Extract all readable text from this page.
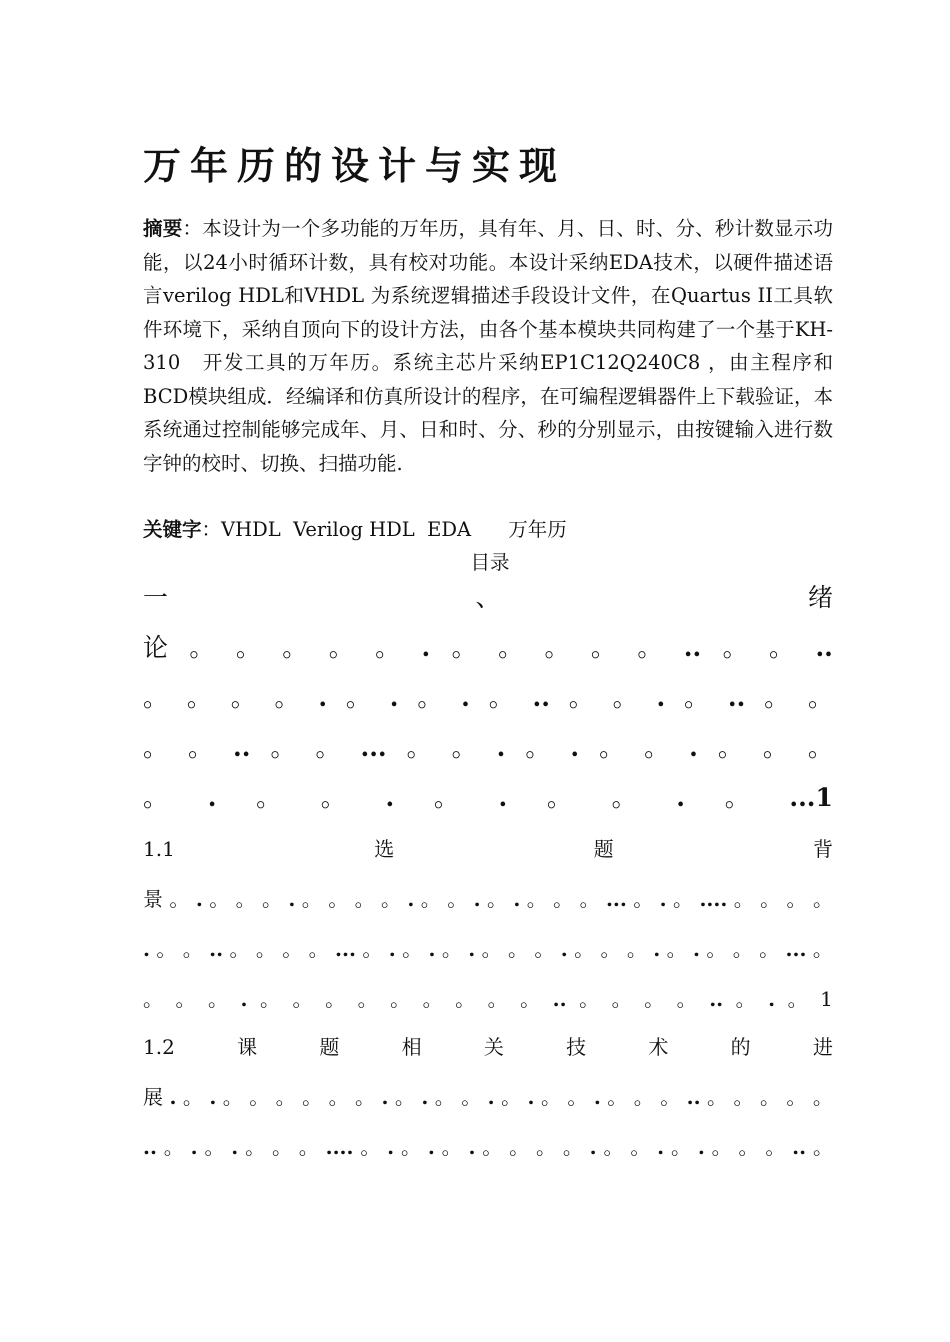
万年历的设计与实现

摘要：本设计为一个多功能的万年历，具有年、月、日、时、分、秒计数显示功能，以24小时循环计数，具有校对功能。本设计采纳EDA技术，以硬件描述语言verilog HDL和VHDL 为系统逻辑描述手段设计文件，在Quartus II工具软件环境下，采纳自顶向下的设计方法，由各个基本模块共同构建了一个基于KH-310　开发工具的万年历。系统主芯片采纳EP1C12Q240C8 ，由主程序和BCD模块组成．经编译和仿真所设计的程序，在可编程逻辑器件上下载验证，本系统通过控制能够完成年、月、日和时、分、秒的分别显示，由按键输入进行数字钟的校时、切换、扫描功能.

关键字：VHDL  Verilog HDL  EDA      万年历

目录

一	、	绪
论 。 。 。 。 。 . 。 。 。 。 。 .. 。 。 ..
。 。 。 。 . 。 . 。 . 。 .. 。 。 . 。 .. 。 。
。 。 .. 。 。 ... 。 。 . 。 . 。 。 . 。 。 。
。 . 。 。 . 。 . 。 。 . 。 ...1
1.1	选	题	背
景 。 . 。 。 。 . 。 。 。 。 . 。 。 . 。 . 。 。 。 ... 。 . 。 .... 。 。 。 。
. 。 。 .. 。 。 。 。 ... 。 . 。 . 。 . 。 。 。 . 。 。 。 . 。 . 。 。 。 ... 。
。 。 。 . 。 。 。 。 。 。 。 。 。 .. 。 。 。 。 .. 。 . 。 1
1.2	课	题	相	关	技	术	的	进
展 . 。 . 。 。 。 。 。 。 . 。 . 。 。 . 。 . 。 。 . 。 。 。 .. 。 。 。 。 。
.. 。 . 。 . 。 。 。 .... 。 . 。 . 。 . 。 。 。 。 . 。 。 . 。 . 。 。 。 .. 。
